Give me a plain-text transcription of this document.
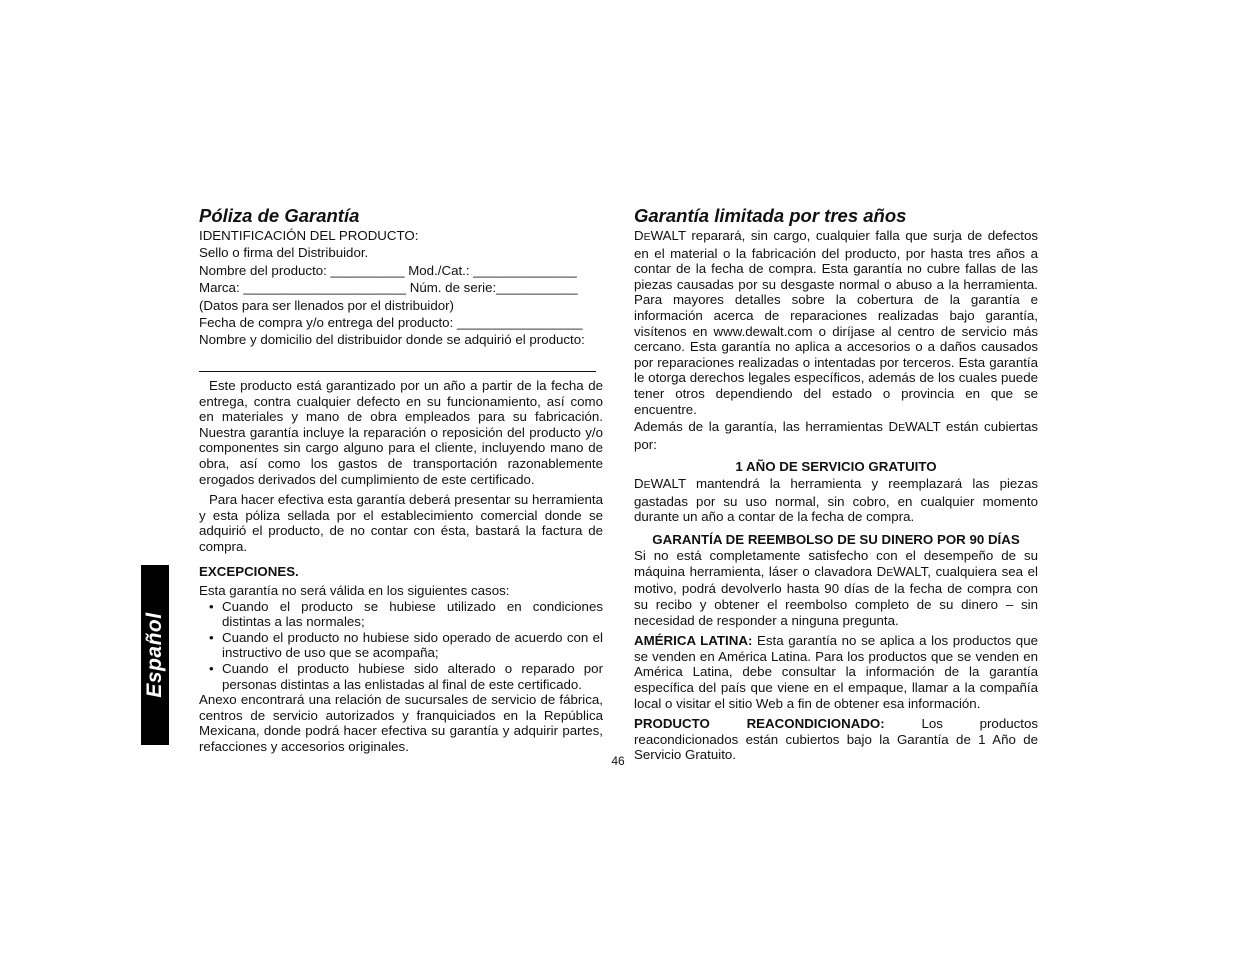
Español
Póliza de Garantía
IDENTIFICACIÓN DEL PRODUCTO:
Sello o firma del Distribuidor.
Nombre del producto: __________ Mod./Cat.: ______________
Marca: ______________________ Núm. de serie:___________
(Datos para ser llenados por el distribuidor)
Fecha de compra y/o entrega del producto: _________________
Nombre y domicilio del distribuidor donde se adquirió el producto:

Este producto está garantizado por un año a partir de la fecha de entrega, contra cualquier defecto en su funcionamiento, así como en materiales y mano de obra empleados para su fabricación. Nuestra garantía incluye la reparación o reposición del producto y/o componentes sin cargo alguno para el cliente, incluyendo mano de obra, así como los gastos de transportación razonablemente erogados derivados del cumplimiento de este certificado.

Para hacer efectiva esta garantía deberá presentar su herramienta y esta póliza sellada por el establecimiento comercial donde se adquirió el producto, de no contar con ésta, bastará la factura de compra.

EXCEPCIONES.
Esta garantía no será válida en los siguientes casos:
• Cuando el producto se hubiese utilizado en condiciones distintas a las normales;
• Cuando el producto no hubiese sido operado de acuerdo con el instructivo de uso que se acompaña;
• Cuando el producto hubiese sido alterado o reparado por personas distintas a las enlistadas al final de este certificado.

Anexo encontrará una relación de sucursales de servicio de fábrica, centros de servicio autorizados y franquiciados en la República Mexicana, donde podrá hacer efectiva su garantía y adquirir partes, refacciones y accesorios originales.

Garantía limitada por tres años

DEWALT reparará, sin cargo, cualquier falla que surja de defectos en el material o la fabricación del producto, por hasta tres años a contar de la fecha de compra. Esta garantía no cubre fallas de las piezas causadas por su desgaste normal o abuso a la herramienta. Para mayores detalles sobre la cobertura de la garantía e información acerca de reparaciones realizadas bajo garantía, visítenos en www.dewalt.com o diríjase al centro de servicio más cercano. Esta garantía no aplica a accesorios o a daños causados por reparaciones realizadas o intentadas por terceros. Esta garantía le otorga derechos legales específicos, además de los cuales puede tener otros dependiendo del estado o provincia en que se encuentre.

Además de la garantía, las herramientas DEWALT están cubiertas por:

1 AÑO DE SERVICIO GRATUITO

DEWALT mantendrá la herramienta y reemplazará las piezas gastadas por su uso normal, sin cobro, en cualquier momento durante un año a contar de la fecha de compra.

GARANTÍA DE REEMBOLSO DE SU DINERO POR 90 DÍAS

Si no está completamente satisfecho con el desempeño de su máquina herramienta, láser o clavadora DEWALT, cualquiera sea el motivo, podrá devolverlo hasta 90 días de la fecha de compra con su recibo y obtener el reembolso completo de su dinero – sin necesidad de responder a ninguna pregunta.

AMÉRICA LATINA: Esta garantía no se aplica a los productos que se venden en América Latina. Para los productos que se venden en América Latina, debe consultar la información de la garantía específica del país que viene en el empaque, llamar a la compañía local o visitar el sitio Web a fin de obtener esa información.

PRODUCTO REACONDICIONADO: Los productos reacondicionados están cubiertos bajo la Garantía de 1 Año de Servicio Gratuito.

46
